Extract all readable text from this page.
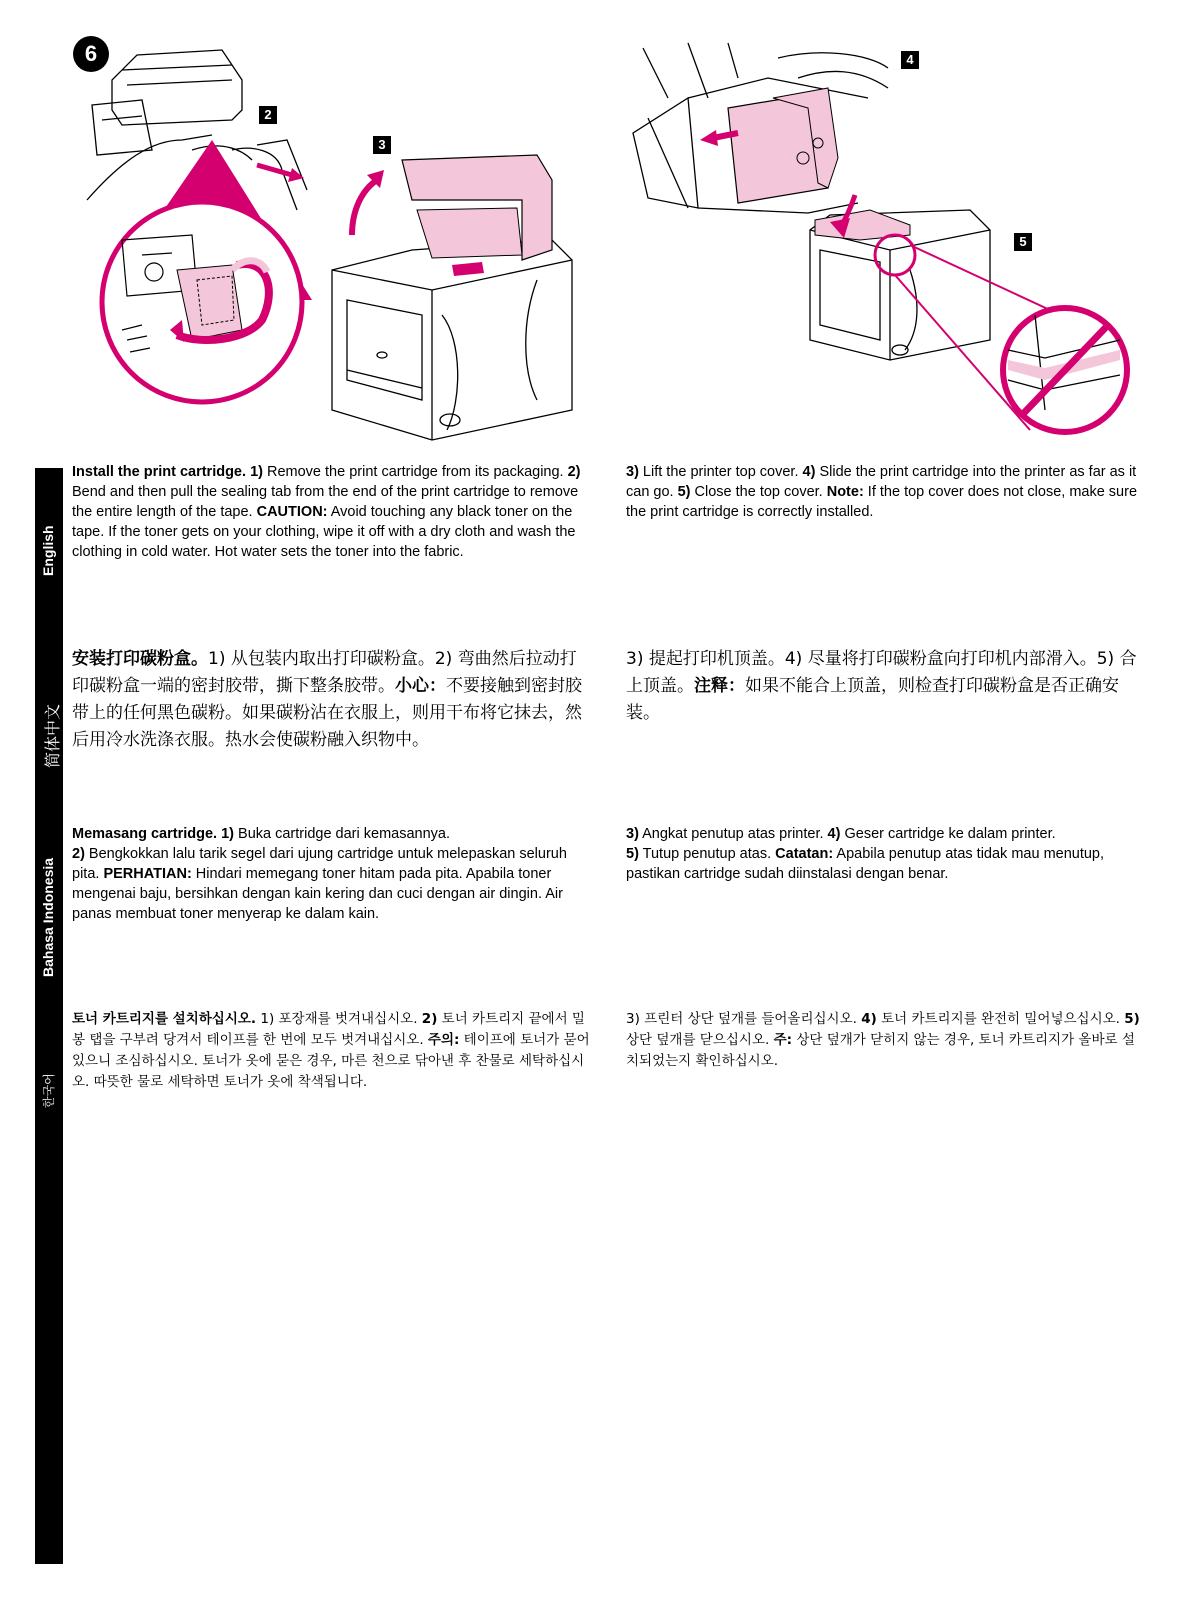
6
2
3
4
5
English
简体中文
Bahasa Indonesia
한국어
Install the print cartridge. 1) Remove the print cartridge from its packaging. 2) Bend and then pull the sealing tab from the end of the print cartridge to remove the entire length of the tape. CAUTION: Avoid touching any black toner on the tape. If the toner gets on your clothing, wipe it off with a dry cloth and wash the clothing in cold water. Hot water sets the toner into the fabric.
3) Lift the printer top cover. 4) Slide the print cartridge into the printer as far as it can go. 5) Close the top cover. Note: If the top cover does not close, make sure the print cartridge is correctly installed.
安装打印碳粉盒。1) 从包装内取出打印碳粉盒。2) 弯曲然后拉动打印碳粉盒一端的密封胶带，撕下整条胶带。小心：不要接触到密封胶带上的任何黑色碳粉。如果碳粉沾在衣服上，则用干布将它抹去，然后用冷水洗涤衣服。热水会使碳粉融入织物中。
3) 提起打印机顶盖。4) 尽量将打印碳粉盒向打印机内部滑入。5) 合上顶盖。注释：如果不能合上顶盖，则检查打印碳粉盒是否正确安装。
Memasang cartridge. 1) Buka cartridge dari kemasannya.
2) Bengkokkan lalu tarik segel dari ujung cartridge untuk melepaskan seluruh pita. PERHATIAN: Hindari memegang toner hitam pada pita. Apabila toner mengenai baju, bersihkan dengan kain kering dan cuci dengan air dingin. Air panas membuat toner menyerap ke dalam kain.
3) Angkat penutup atas printer. 4) Geser cartridge ke dalam printer.
5) Tutup penutup atas. Catatan: Apabila penutup atas tidak mau menutup, pastikan cartridge sudah diinstalasi dengan benar.
토너 카트리지를 설치하십시오. 1) 포장재를 벗겨내십시오. 2) 토너 카트리지 끝에서 밀봉 탭을 구부려 당겨서 테이프를 한 번에 모두 벗겨내십시오. 주의: 테이프에 토너가 묻어 있으니 조심하십시오. 토너가 옷에 묻은 경우, 마른 천으로 닦아낸 후 찬물로 세탁하십시오. 따뜻한 물로 세탁하면 토너가 옷에 착색됩니다.
3) 프린터 상단 덮개를 들어올리십시오. 4) 토너 카트리지를 완전히 밀어넣으십시오. 5) 상단 덮개를 닫으십시오. 주: 상단 덮개가 닫히지 않는 경우, 토너 카트리지가 올바로 설치되었는지 확인하십시오.
